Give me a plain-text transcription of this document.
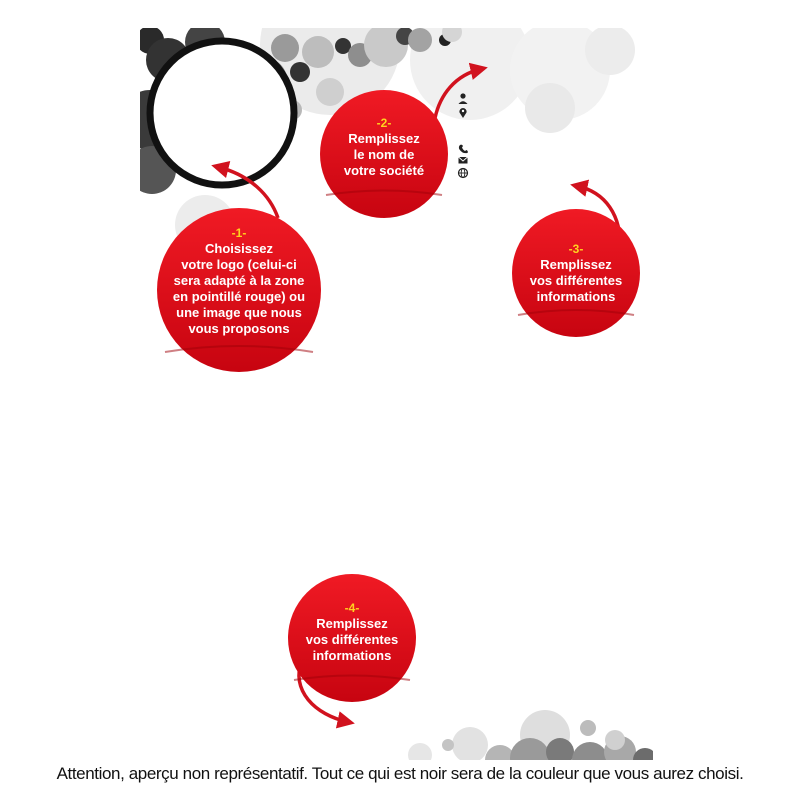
-1-
Choisissez
votre logo (celui-ci
sera adapté à la zone
en pointillé rouge) ou
une image que nous
vous proposons
-2-
Remplissez
le nom de
votre société
-3-
Remplissez
vos différentes
informations
-4-
Remplissez
vos différentes
informations
Attention, aperçu non représentatif. Tout ce qui est noir sera de la couleur que vous aurez choisi.
